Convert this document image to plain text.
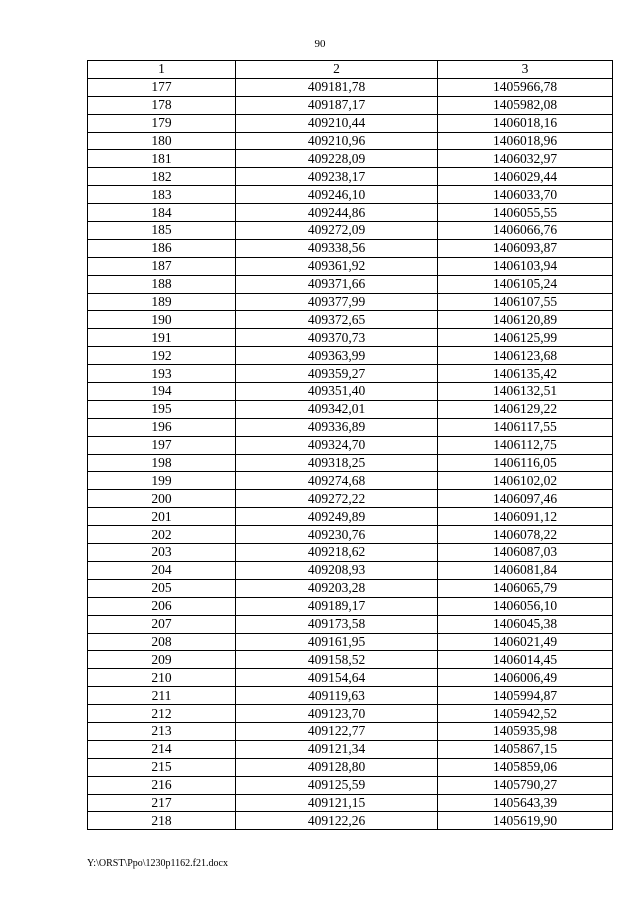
90
1	2	3
177	409181,78	1405966,78
178	409187,17	1405982,08
179	409210,44	1406018,16
180	409210,96	1406018,96
181	409228,09	1406032,97
182	409238,17	1406029,44
183	409246,10	1406033,70
184	409244,86	1406055,55
185	409272,09	1406066,76
186	409338,56	1406093,87
187	409361,92	1406103,94
188	409371,66	1406105,24
189	409377,99	1406107,55
190	409372,65	1406120,89
191	409370,73	1406125,99
192	409363,99	1406123,68
193	409359,27	1406135,42
194	409351,40	1406132,51
195	409342,01	1406129,22
196	409336,89	1406117,55
197	409324,70	1406112,75
198	409318,25	1406116,05
199	409274,68	1406102,02
200	409272,22	1406097,46
201	409249,89	1406091,12
202	409230,76	1406078,22
203	409218,62	1406087,03
204	409208,93	1406081,84
205	409203,28	1406065,79
206	409189,17	1406056,10
207	409173,58	1406045,38
208	409161,95	1406021,49
209	409158,52	1406014,45
210	409154,64	1406006,49
211	409119,63	1405994,87
212	409123,70	1405942,52
213	409122,77	1405935,98
214	409121,34	1405867,15
215	409128,80	1405859,06
216	409125,59	1405790,27
217	409121,15	1405643,39
218	409122,26	1405619,90
Y:\ORST\Ppo\1230p1162.f21.docx
